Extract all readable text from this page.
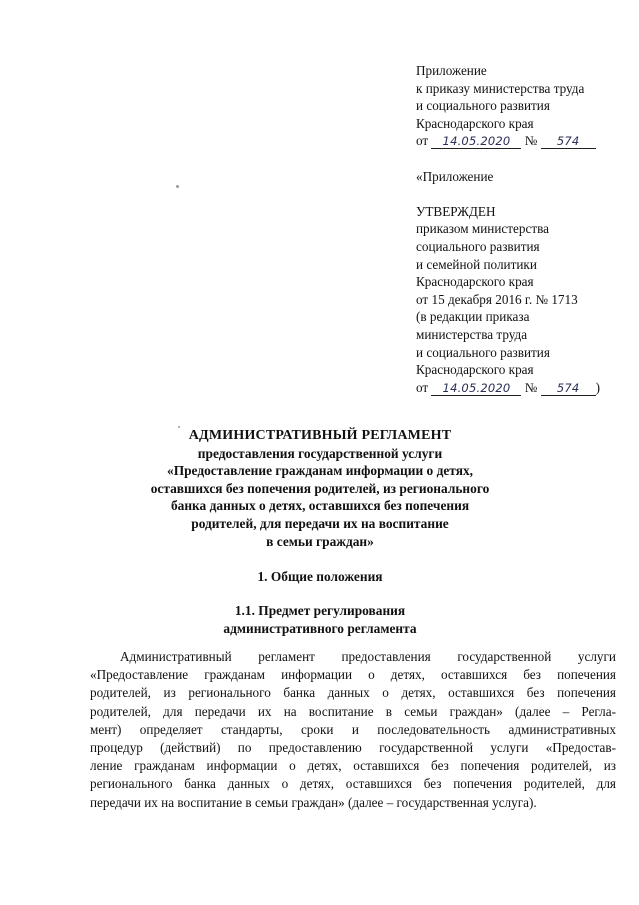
Приложение
к приказу министерства труда
и социального развития
Краснодарского края
от 14.05.2020 № 574
«Приложение
УТВЕРЖДЕН
приказом министерства
социального развития
и семейной политики
Краснодарского края
от 15 декабря 2016 г. № 1713
(в редакции приказа
министерства труда
и социального развития
Краснодарского края
от 14.05.2020 № 574 )
АДМИНИСТРАТИВНЫЙ РЕГЛАМЕНТ
предоставления государственной услуги
«Предоставление гражданам информации о детях,
оставшихся без попечения родителей, из регионального
банка данных о детях, оставшихся без попечения
родителей, для передачи их на воспитание
в семьи граждан»
1. Общие положения
1.1. Предмет регулирования
административного регламента
Административный регламент предоставления государственной услуги
«Предоставление гражданам информации о детях, оставшихся без попечения
родителей, из регионального банка данных о детях, оставшихся без попечения
родителей, для передачи их на воспитание в семьи граждан» (далее – Регла-
мент) определяет стандарты, сроки и последовательность административных
процедур (действий) по предоставлению государственной услуги «Предостав-
ление гражданам информации о детях, оставшихся без попечения родителей, из
регионального банка данных о детях, оставшихся без попечения родителей, для
передачи их на воспитание в семьи граждан» (далее – государственная услуга).
